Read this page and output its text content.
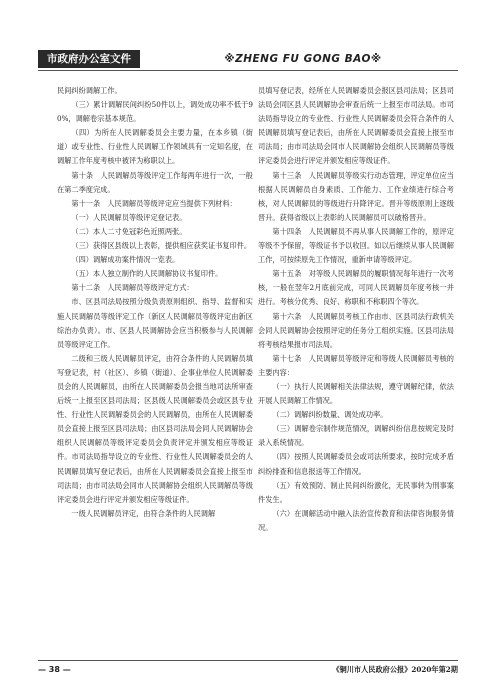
市政府办公室文件	※ZHENG FU GONG BAO※

民间纠纷调解工作。

（三）累计调解民间纠纷50件以上，调处成功率不低于90%，调解卷宗基本规范。

（四）为所在人民调解委员会主要力量，在本乡镇（街道）或专业性、行业性人民调解工作领域具有一定知名度，在调解工作年度考核中被评为称职以上。

第十条　人民调解员等级评定工作每两年进行一次，一般在第二季度完成。

第十一条　人民调解员等级评定应当提供下列材料：

（一）人民调解员等级评定登记表。

（二）本人二寸免冠彩色近照两张。

（三）获得区县级以上表彰，提供相应获奖证书复印件。

（四）调解成功案件情况一览表。

（五）本人独立制作的人民调解协议书复印件。

第十二条　人民调解员等级评定方式：

市、区县司法局按照分级负责原则组织、指导、监督和实施人民调解员等级评定工作（新区人民调解员等级评定由新区综治办负责）。市、区县人民调解协会应当积极参与人民调解员等级评定工作。

二级和三级人民调解员评定，由符合条件的人民调解员填写登记表，村（社区）、乡镇（街道）、企事业单位人民调解委员会的人民调解员，由所在人民调解委员会报当地司法所审查后统一上报至区县司法局；区县级人民调解委员会或区县专业性、行业性人民调解委员会的人民调解员，由所在人民调解委员会直接上报至区县司法局；由区县司法局会同人民调解协会组织人民调解员等级评定委员会负责评定并颁发相应等级证件。市司法局指导设立的专业性、行业性人民调解委员会的人民调解员填写登记表后，由所在人民调解委员会直接上报至市司法局；由市司法局会同市人民调解协会组织人民调解员等级评定委员会进行评定并颁发相应等级证件。

一级人民调解员评定，由符合条件的人民调解

员填写登记表，经所在人民调解委员会报区县司法局；区县司法局会同区县人民调解协会审查后统一上报至市司法局。市司法局指导设立的专业性、行业性人民调解委员会符合条件的人民调解员填写登记表后，由所在人民调解委员会直接上报至市司法局；由市司法局会同市人民调解协会组织人民调解员等级评定委员会进行评定并颁发相应等级证件。

第十三条　人民调解员等级实行动态管理，评定单位应当根据人民调解员自身素质、工作能力、工作业绩进行综合考核，对人民调解员的等级进行升降评定。晋升等级原则上逐级晋升。获得省级以上表彰的人民调解员可以破格晋升。

第十四条　人民调解员不再从事人民调解工作的，原评定等级不予保留，等级证书予以收回。如以后继续从事人民调解工作，可按续原先工作情况，重新申请等级评定。

第十五条　对等级人民调解员的履职情况每年进行一次考核，一般在翌年2月底前完成，可同人民调解员年度考核一并进行。考核分优秀、良好、称职和不称职四个等次。

第十六条　人民调解员考核工作由市、区县司法行政机关会同人民调解协会按照评定的任务分工组织实施。区县司法局将考核结果报市司法局。

第十七条　人民调解员等级评定和等级人民调解员考核的主要内容：

（一）执行人民调解相关法律法规，遵守调解纪律，依法开展人民调解工作情况。

（二）调解纠纷数量、调处成功率。

（三）调解卷宗制作规范情况，调解纠纷信息按规定及时录入系统情况。

（四）按照人民调解委员会或司法所要求，按时完成矛盾纠纷排查和信息报送等工作情况。

（五）有效预防、制止民间纠纷激化，无民事转为刑事案件发生。

（六）在调解活动中融入法治宣传教育和法律咨询服务情况。

— 38 —	《铜川市人民政府公报》2020年第2期
